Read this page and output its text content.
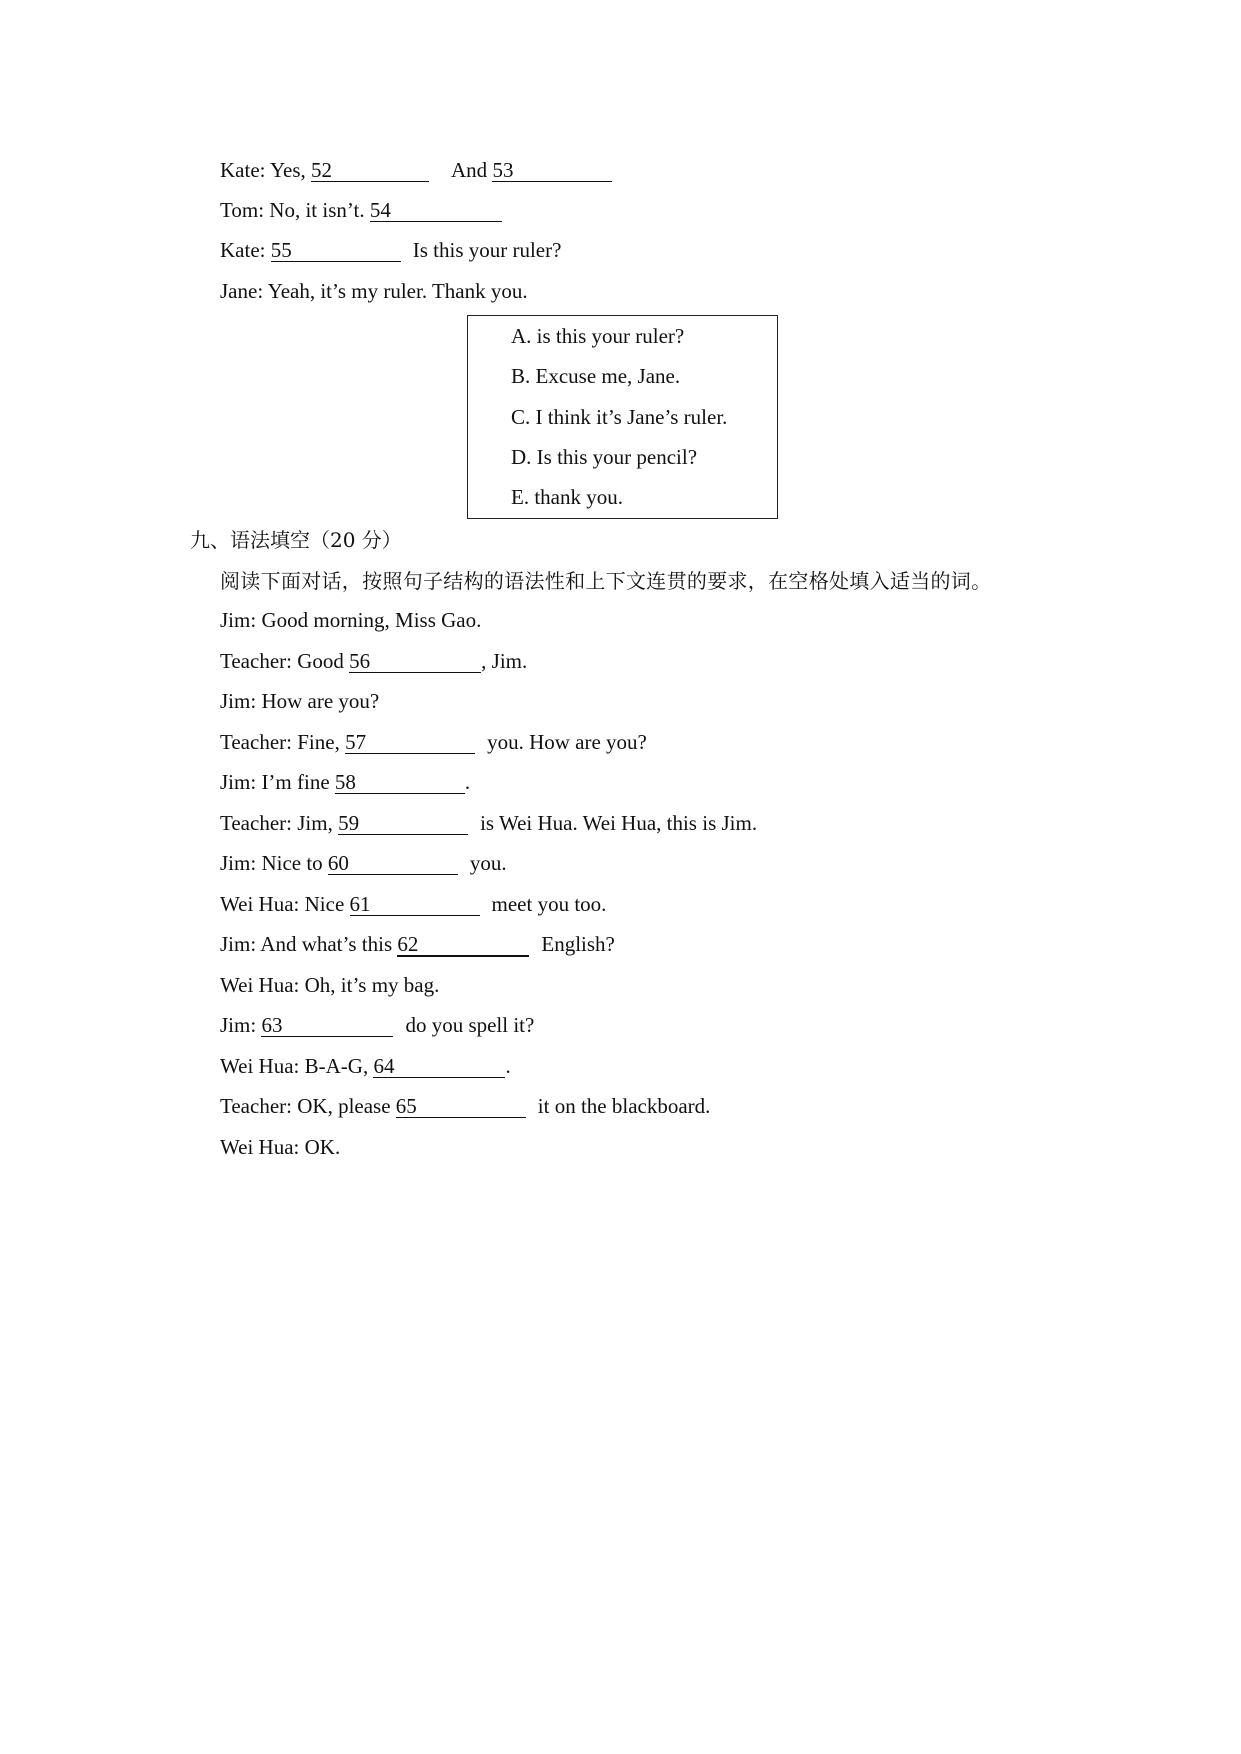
Kate: Yes, 52	And 53
Tom: No, it isn’t. 54
Kate: 55	Is this your ruler?
Jane: Yeah, it’s my ruler. Thank you.
A. is this your ruler?
B. Excuse me, Jane.
C. I think it’s Jane’s ruler.
D. Is this your pencil?
E. thank you.
九、语法填空（20 分）
阅读下面对话，按照句子结构的语法性和上下文连贯的要求，在空格处填入适当的词。
Jim: Good morning, Miss Gao.
Teacher: Good 56	, Jim.
Jim: How are you?
Teacher: Fine, 57	you. How are you?
Jim: I’m fine 58	.
Teacher: Jim, 59	is Wei Hua. Wei Hua, this is Jim.
Jim: Nice to 60	you.
Wei Hua: Nice 61	meet you too.
Jim: And what’s this 62	English?
Wei Hua: Oh, it’s my bag.
Jim: 63	do you spell it?
Wei Hua: B-A-G, 64	.
Teacher: OK, please 65	it on the blackboard.
Wei Hua: OK.
